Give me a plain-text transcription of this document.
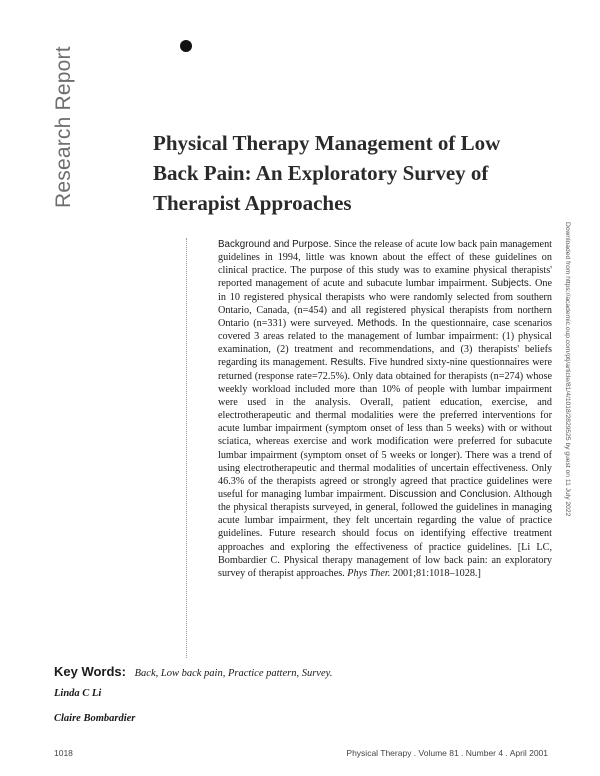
Research Report	Physical Therapy Management of Low
Back Pain: An Exploratory Survey of
Therapist Approaches

Background and Purpose. Since the release of acute low back pain management guidelines in 1994, little was known about the effect of these guidelines on clinical practice. The purpose of this study was to examine physical therapists' reported management of acute and subacute lumbar impairment. Subjects. One in 10 registered physical therapists who were randomly selected from southern Ontario, Canada, (n=454) and all registered physical therapists from northern Ontario (n=331) were surveyed. Methods. In the questionnaire, case scenarios covered 3 areas related to the management of lumbar impairment: (1) physical examination, (2) treatment and recommendations, and (3) therapists' beliefs regarding its management. Results. Five hundred sixty-nine questionnaires were returned (response rate=72.5%). Only data obtained for therapists (n=274) whose weekly workload included more than 10% of people with lumbar impairment were used in the analysis. Overall, patient education, exercise, and electrotherapeutic and thermal modalities were the preferred interventions for acute lumbar impairment (symptom onset of less than 5 weeks) with or without sciatica, whereas exercise and work modification were preferred for subacute lumbar impairment (symptom onset of 5 weeks or longer). There was a trend of using electrotherapeutic and thermal modalities of uncertain effectiveness. Only 46.3% of the therapists agreed or strongly agreed that practice guidelines were useful for managing lumbar impairment. Discussion and Conclusion. Although the physical therapists surveyed, in general, followed the guidelines in managing acute lumbar impairment, they felt uncertain regarding the value of practice guidelines. Future research should focus on identifying effective treatment approaches and exploring the effectiveness of practice guidelines. [Li LC, Bombardier C. Physical therapy management of low back pain: an exploratory survey of therapist approaches. Phys Ther. 2001;81:1018–1028.]

Downloaded from https://academic.oup.com/ptj/article/81/4/1018/2829525 by guest on 11 July 2022
Key Words: Back, Low back pain, Practice pattern, Survey.
Linda C Li
Claire Bombardier
1018	Physical Therapy . Volume 81 . Number 4 . April 2001
